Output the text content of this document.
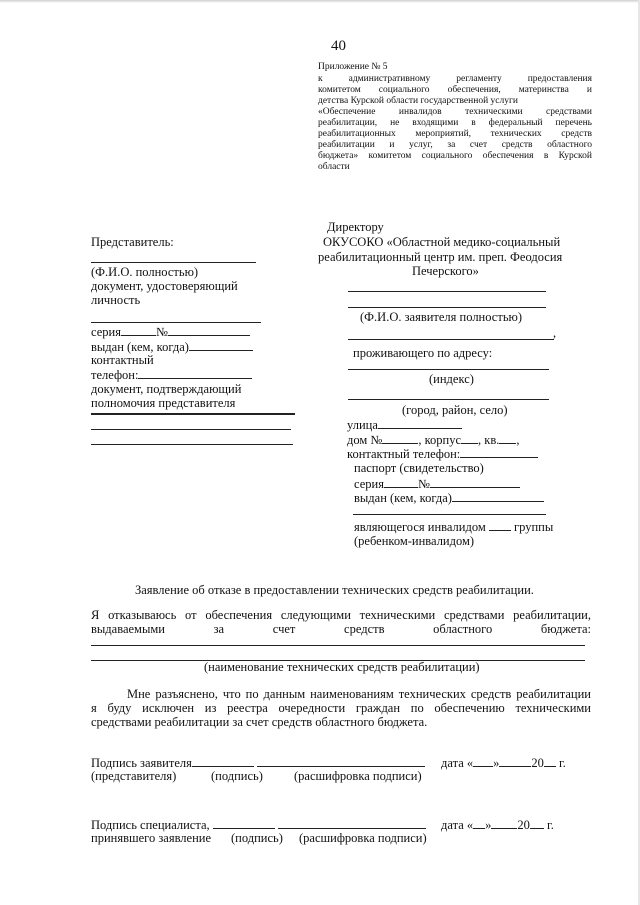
40
Приложение № 5
к административному регламенту предоставления
комитетом социального обеспечения, материнства и
детства Курской области государственной услуги
«Обеспечение инвалидов техническими средствами
реабилитации, не входящими в федеральный перечень
реабилитационных мероприятий, технических средств
реабилитации и услуг, за счет средств областного
бюджета» комитетом социального обеспечения в Курской
области
Директору
ОКУСОКО «Областной медико-социальный
реабилитационный центр им. преп. Феодосия
Печерского»
(Ф.И.О. заявителя полностью)
,
проживающего по адресу:
(индекс)
(город, район, село)
улица
дом №	, корпус , кв. ,
контактный телефон:
паспорт (свидетельство)
серия	№
выдан (кем, когда)
являющегося инвалидом группы
(ребенком-инвалидом)
Представитель:
(Ф.И.О. полностью)
документ, удостоверяющий
личность
серия	№
выдан (кем, когда)
контактный
телефон:
документ, подтверждающий
полномочия представителя
Заявление об отказе в предоставлении технических средств реабилитации.
Я отказываюсь от обеспечения следующими техническими средствами реабилитации,
выдаваемыми за счет средств областного бюджета:
(наименование технических средств реабилитации)
Мне разъяснено, что по данным наименованиям технических средств реабилитации
я буду исключен из реестра очередности граждан по обеспечению техническими
средствами реабилитации за счет средств областного бюджета.
Подпись заявителя	дата « »	20 г.
(представителя)	(подпись) (расшифровка подписи)
Подпись специалиста,	дата « » 20 г.
принявшего заявление (подпись) (расшифровка подписи)
